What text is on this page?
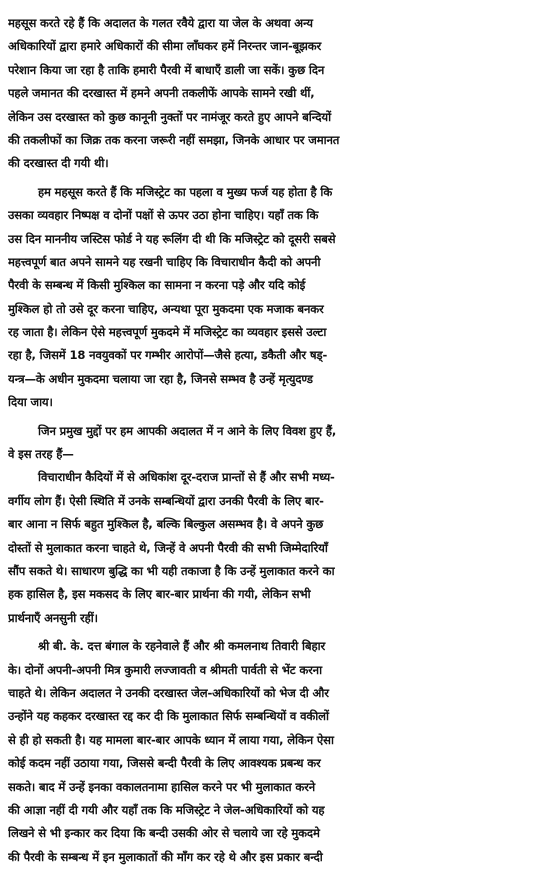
महसूस करते रहे हैं कि अदालत के गलत रवैये द्वारा या जेल के अथवा अन्य
अधिकारियों द्वारा हमारे अधिकारों की सीमा लाँघकर हमें निरन्तर जान-बूझकर
परेशान किया जा रहा है ताकि हमारी पैरवी में बाधाएँ डाली जा सकें। कुछ दिन
पहले जमानत की दरखास्त में हमने अपनी तकलीफें आपके सामने रखी थीं,
लेकिन उस दरखास्त को कुछ कानूनी नुक्तों पर नामंजूर करते हुए आपने बन्दियों
की तकलीफों का जिक्र तक करना जरूरी नहीं समझा, जिनके आधार पर जमानत
की दरखास्त दी गयी थी।
हम महसूस करते हैं कि मजिस्ट्रेट का पहला व मुख्य फर्ज यह होता है कि
उसका व्यवहार निष्पक्ष व दोनों पक्षों से ऊपर उठा होना चाहिए। यहाँ तक कि
उस दिन माननीय जस्टिस फोर्ड ने यह रूलिंग दी थी कि मजिस्ट्रेट को दूसरी सबसे
महत्त्वपूर्ण बात अपने सामने यह रखनी चाहिए कि विचाराधीन कैदी को अपनी
पैरवी के सम्बन्ध में किसी मुश्किल का सामना न करना पड़े और यदि कोई
मुश्किल हो तो उसे दूर करना चाहिए, अन्यथा पूरा मुकदमा एक मजाक बनकर
रह जाता है। लेकिन ऐसे महत्त्वपूर्ण मुकदमे में मजिस्ट्रेट का व्यवहार इससे उल्टा
रहा है, जिसमें 18 नवयुवकों पर गम्भीर आरोपों—जैसे हत्या, डकैती और षड्-
यन्त्र—के अधीन मुकदमा चलाया जा रहा है, जिनसे सम्भव है उन्हें मृत्युदण्ड
दिया जाय।
जिन प्रमुख मुद्दों पर हम आपकी अदालत में न आने के लिए विवश हुए हैं,
वे इस तरह हैं—
विचाराधीन कैदियों में से अधिकांश दूर-दराज प्रान्तों से हैं और सभी मध्य-
वर्गीय लोग हैं। ऐसी स्थिति में उनके सम्बन्धियों द्वारा उनकी पैरवी के लिए बार-
बार आना न सिर्फ बहुत मुश्किल है, बल्कि बिल्कुल असम्भव है। वे अपने कुछ
दोस्तों से मुलाकात करना चाहते थे, जिन्हें वे अपनी पैरवी की सभी जिम्मेदारियाँ
सौंप सकते थे। साधारण बुद्धि का भी यही तकाजा है कि उन्हें मुलाकात करने का
हक हासिल है, इस मकसद के लिए बार-बार प्रार्थना की गयी, लेकिन सभी
प्रार्थनाएँ अनसुनी रहीं।
श्री बी. के. दत्त बंगाल के रहनेवाले हैं और श्री कमलनाथ तिवारी बिहार
के। दोनों अपनी-अपनी मित्र कुमारी लज्जावती व श्रीमती पार्वती से भेंट करना
चाहते थे। लेकिन अदालत ने उनकी दरखास्त जेल-अधिकारियों को भेज दी और
उन्होंने यह कहकर दरखास्त रद्द कर दी कि मुलाकात सिर्फ सम्बन्धियों व वकीलों
से ही हो सकती है। यह मामला बार-बार आपके ध्यान में लाया गया, लेकिन ऐसा
कोई कदम नहीं उठाया गया, जिससे बन्दी पैरवी के लिए आवश्यक प्रबन्ध कर
सकते। बाद में उन्हें इनका वकालतनामा हासिल करने पर भी मुलाकात करने
की आज्ञा नहीं दी गयी और यहाँ तक कि मजिस्ट्रेट ने जेल-अधिकारियों को यह
लिखने से भी इन्कार कर दिया कि बन्दी उसकी ओर से चलाये जा रहे मुकदमे
की पैरवी के सम्बन्ध में इन मुलाकातों की माँग कर रहे थे और इस प्रकार बन्दी
